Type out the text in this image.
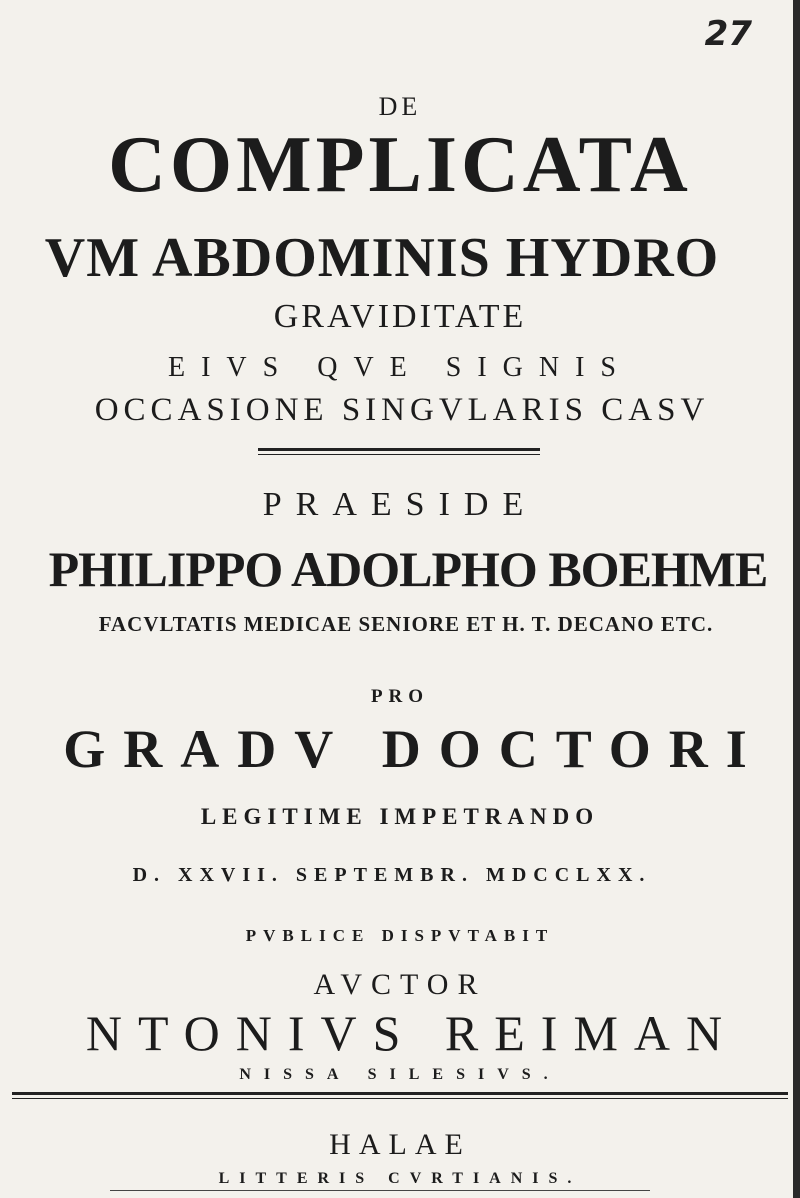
27
DE
COMPLICATA
VM ABDOMINIS HYDRO
GRAVIDITATE
EIVS QVE SIGNIS
OCCASIONE SINGVLARIS CASV
PRAESIDE
PHILIPPO ADOLPHO BOEHME
FACVLTATIS MEDICAE SENIORE ET H. T. DECANO ETC.
PRO
GRADV DOCTORI
LEGITIME IMPETRANDO
D. XXVII. SEPTEMBR. MDCCLXX.
PVBLICE DISPVTABIT
AVCTOR
NTONIVS REIMAN
NISSA SILESIVS.
HALAE
LITTERIS CVRTIANIS.
